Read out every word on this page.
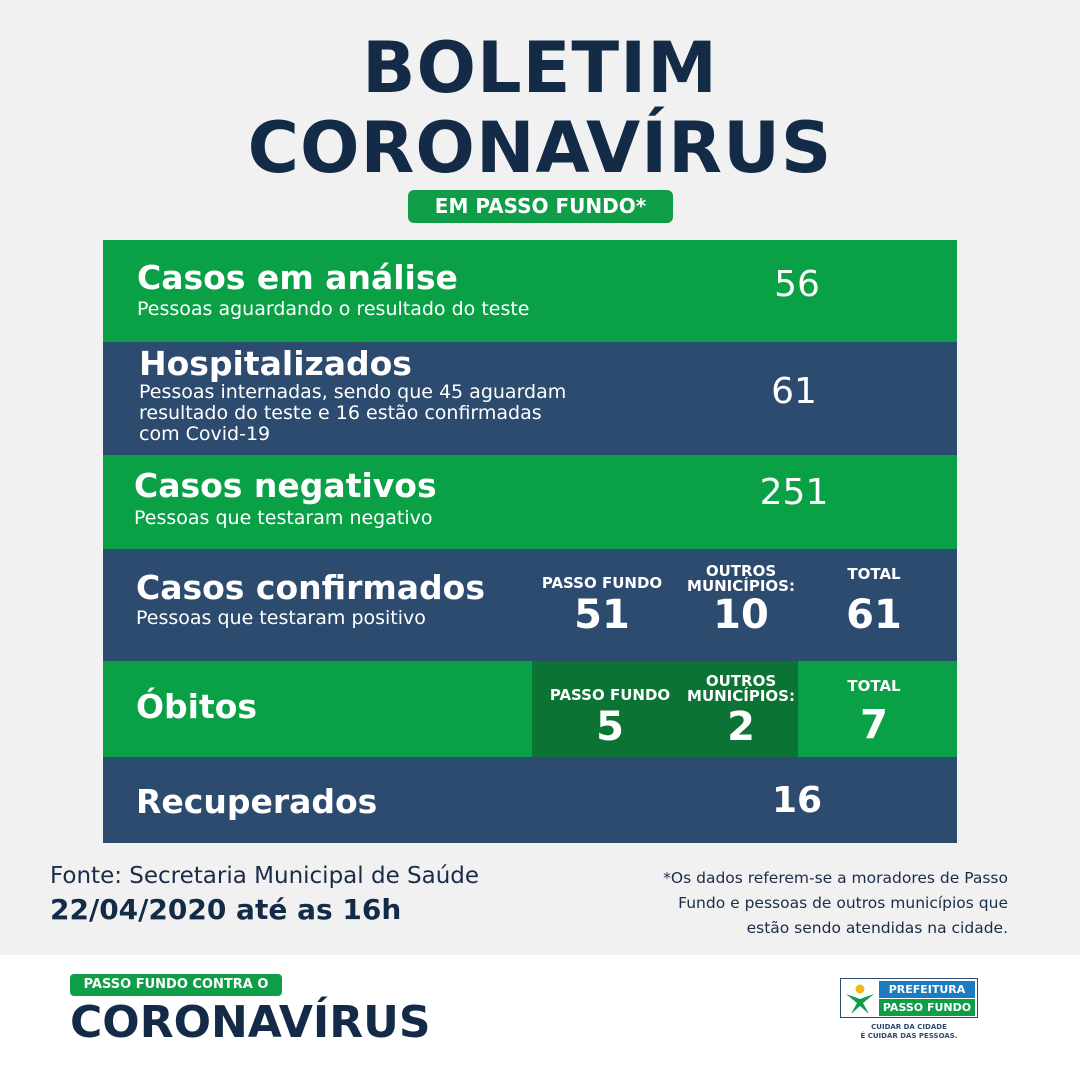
BOLETIM
CORONAVÍRUS
EM PASSO FUNDO*
Casos em análise
Pessoas aguardando o resultado do teste
56
Hospitalizados
Pessoas internadas, sendo que 45 aguardam
resultado do teste e 16 estão confirmadas
com Covid-19
61
Casos negativos
Pessoas que testaram negativo
251
Casos confirmados
Pessoas que testaram positivo
PASSO FUNDO
51
OUTROS
MUNICÍPIOS:
10
TOTAL
61
Óbitos	PASSO FUNDO
5
OUTROS
MUNICÍPIOS:
2
TOTAL
7
Recuperados	16
Fonte: Secretaria Municipal de Saúde
22/04/2020 até as 16h
*Os dados referem-se a moradores de Passo
Fundo e pessoas de outros municípios que
estão sendo atendidas na cidade.
PASSO FUNDO CONTRA O
CORONAVÍRUS
PREFEITURA
PASSO FUNDO
CUIDAR DA CIDADE
É CUIDAR DAS PESSOAS.
